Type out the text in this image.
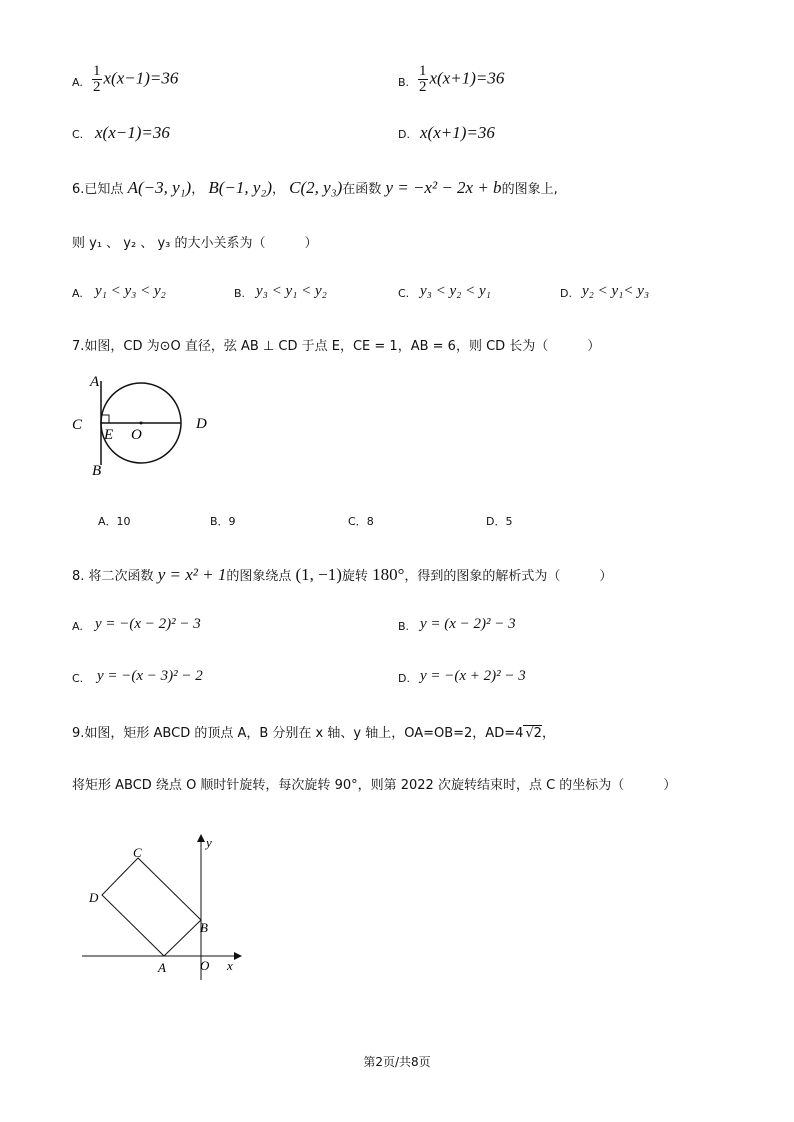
A. $\frac{1}{2} x(x-1)=36$	B. $\frac{1}{2} x(x+1)=36$
C. x(x−1)=36	D. x(x+1)=36
6.已知点 A(−3, y₁)， B(−1, y₂)， C(2, y₃)在函数 y = −x² − 2x + b的图象上,
则 y₁ 、 y₂ 、 y₃ 的大小关系为（　　　）
A. y₁ < y₃ < y₂	B. y₃ < y₁ < y₂	C. y₃ < y₂ < y₁	D. y₂ < y₁< y₃
7.如图，CD 为⊙O 直径，弦 AB ⊥ CD 于点 E，CE = 1，AB = 6，则 CD 长为（　　　）
A
C
E O
D
B
A．10	B．9	C．8	D．5
8. 将二次函数 y = x² + 1的图象绕点 (1, −1)旋转 180°，得到的图象的解析式为（　　　）
A. y = −(x − 2)² − 3	B. y = (x − 2)² − 3
C. y = −(x − 3)² − 2	D. y = −(x + 2)² − 3
9.如图，矩形 ABCD 的顶点 A，B 分别在 x 轴、y 轴上，OA=OB=2，AD=4 √2，
将矩形 ABCD 绕点 O 顺时针旋转，每次旋转 90°，则第 2022 次旋转结束时，点 C 的坐标为（　　　）
A
B
C
D
O x
y
第2页/共8页
